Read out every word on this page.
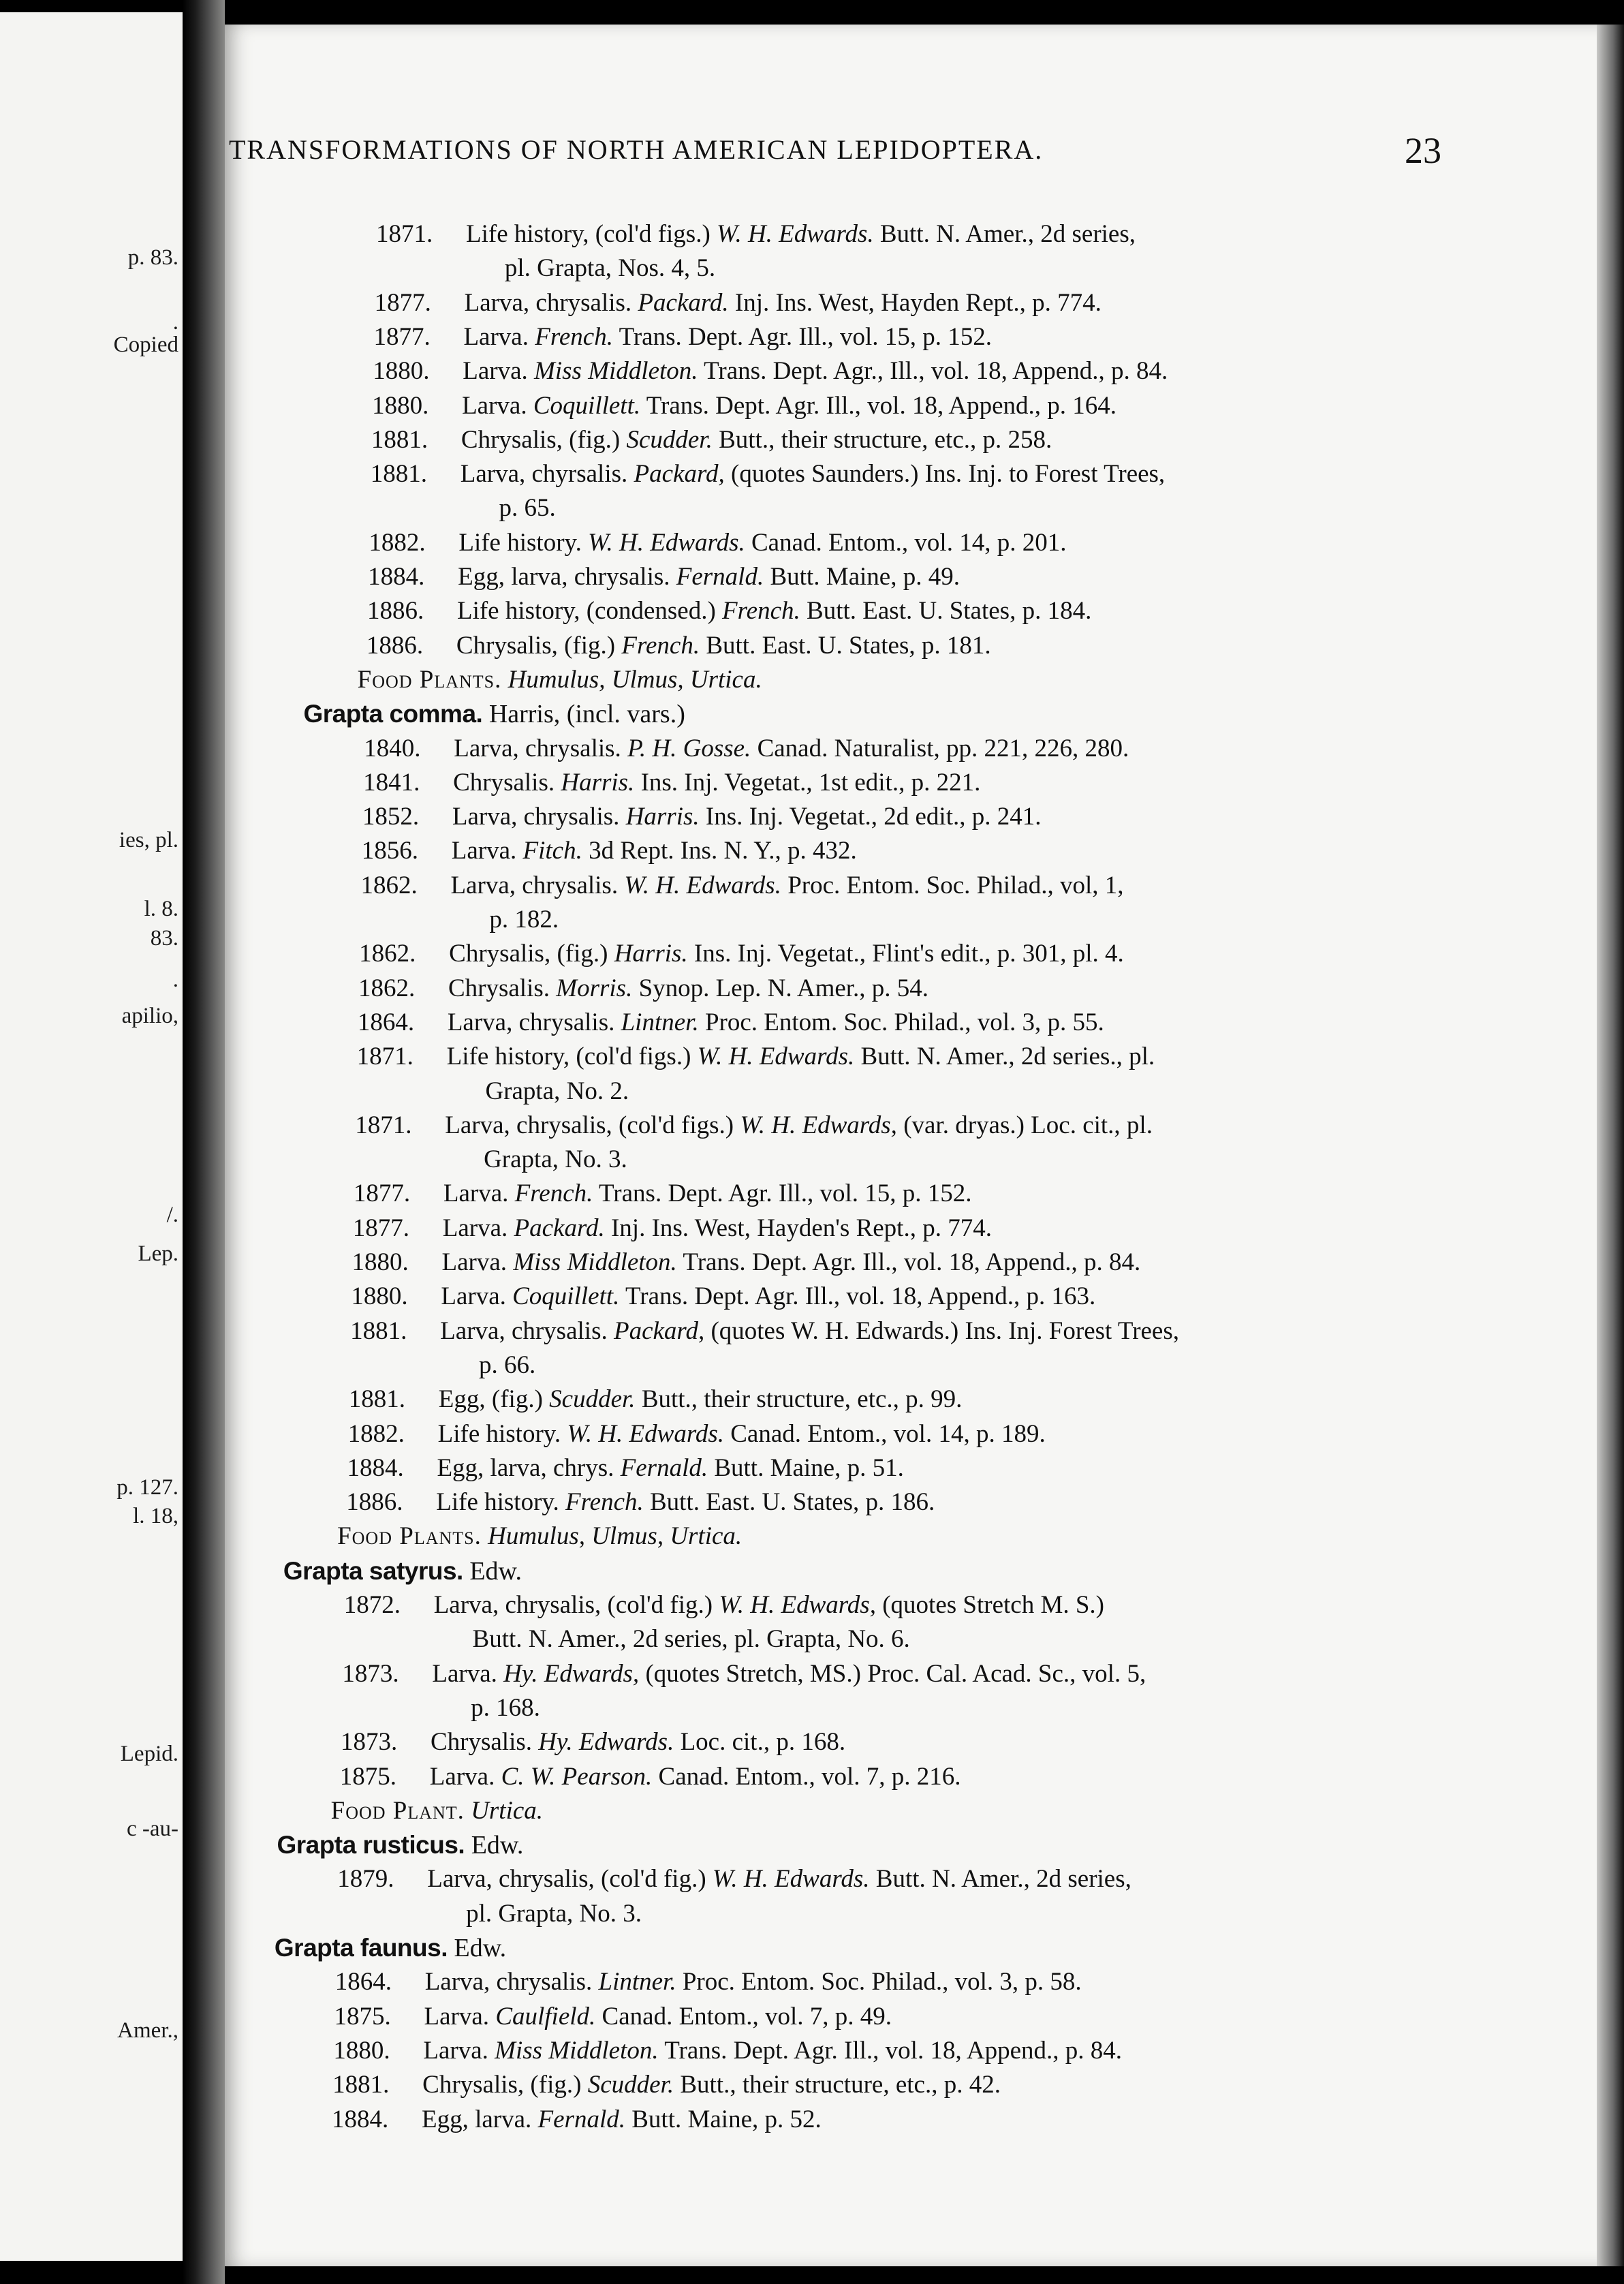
p. 83.
.
Copied
ies, pl.
l. 8.
83.
.
apilio,
/.
Lep.
p. 127.
l. 18,
Lepid.
c -au-
Amer.,
TRANSFORMATIONS OF NORTH AMERICAN LEPIDOPTERA.	23
1871. Life history, (col'd figs.) W. H. Edwards. Butt. N. Amer., 2d series,
pl. Grapta, Nos. 4, 5.
1877. Larva, chrysalis. Packard. Inj. Ins. West, Hayden Rept., p. 774.
1877. Larva. French. Trans. Dept. Agr. Ill., vol. 15, p. 152.
1880. Larva. Miss Middleton. Trans. Dept. Agr., Ill., vol. 18, Append., p. 84.
1880. Larva. Coquillett. Trans. Dept. Agr. Ill., vol. 18, Append., p. 164.
1881. Chrysalis, (fig.) Scudder. Butt., their structure, etc., p. 258.
1881. Larva, chyrsalis. Packard, (quotes Saunders.) Ins. Inj. to Forest Trees,
p. 65.
1882. Life history. W. H. Edwards. Canad. Entom., vol. 14, p. 201.
1884. Egg, larva, chrysalis. Fernald. Butt. Maine, p. 49.
1886. Life history, (condensed.) French. Butt. East. U. States, p. 184.
1886. Chrysalis, (fig.) French. Butt. East. U. States, p. 181.
Food Plants. Humulus, Ulmus, Urtica.
Grapta comma. Harris, (incl. vars.)
1840. Larva, chrysalis. P. H. Gosse. Canad. Naturalist, pp. 221, 226, 280.
1841. Chrysalis. Harris. Ins. Inj. Vegetat., 1st edit., p. 221.
1852. Larva, chrysalis. Harris. Ins. Inj. Vegetat., 2d edit., p. 241.
1856. Larva. Fitch. 3d Rept. Ins. N. Y., p. 432.
1862. Larva, chrysalis. W. H. Edwards. Proc. Entom. Soc. Philad., vol, 1,
p. 182.
1862. Chrysalis, (fig.) Harris. Ins. Inj. Vegetat., Flint's edit., p. 301, pl. 4.
1862. Chrysalis. Morris. Synop. Lep. N. Amer., p. 54.
1864. Larva, chrysalis. Lintner. Proc. Entom. Soc. Philad., vol. 3, p. 55.
1871. Life history, (col'd figs.) W. H. Edwards. Butt. N. Amer., 2d series., pl.
Grapta, No. 2.
1871. Larva, chrysalis, (col'd figs.) W. H. Edwards, (var. dryas.) Loc. cit., pl.
Grapta, No. 3.
1877. Larva. French. Trans. Dept. Agr. Ill., vol. 15, p. 152.
1877. Larva. Packard. Inj. Ins. West, Hayden's Rept., p. 774.
1880. Larva. Miss Middleton. Trans. Dept. Agr. Ill., vol. 18, Append., p. 84.
1880. Larva. Coquillett. Trans. Dept. Agr. Ill., vol. 18, Append., p. 163.
1881. Larva, chrysalis. Packard, (quotes W. H. Edwards.) Ins. Inj. Forest Trees,
p. 66.
1881. Egg, (fig.) Scudder. Butt., their structure, etc., p. 99.
1882. Life history. W. H. Edwards. Canad. Entom., vol. 14, p. 189.
1884. Egg, larva, chrys. Fernald. Butt. Maine, p. 51.
1886. Life history. French. Butt. East. U. States, p. 186.
Food Plants. Humulus, Ulmus, Urtica.
Grapta satyrus. Edw.
1872. Larva, chrysalis, (col'd fig.) W. H. Edwards, (quotes Stretch M. S.)
Butt. N. Amer., 2d series, pl. Grapta, No. 6.
1873. Larva. Hy. Edwards, (quotes Stretch, MS.) Proc. Cal. Acad. Sc., vol. 5,
p. 168.
1873. Chrysalis. Hy. Edwards. Loc. cit., p. 168.
1875. Larva. C. W. Pearson. Canad. Entom., vol. 7, p. 216.
Food Plant. Urtica.
Grapta rusticus. Edw.
1879. Larva, chrysalis, (col'd fig.) W. H. Edwards. Butt. N. Amer., 2d series,
pl. Grapta, No. 3.
Grapta faunus. Edw.
1864. Larva, chrysalis. Lintner. Proc. Entom. Soc. Philad., vol. 3, p. 58.
1875. Larva. Caulfield. Canad. Entom., vol. 7, p. 49.
1880. Larva. Miss Middleton. Trans. Dept. Agr. Ill., vol. 18, Append., p. 84.
1881. Chrysalis, (fig.) Scudder. Butt., their structure, etc., p. 42.
1884. Egg, larva. Fernald. Butt. Maine, p. 52.
